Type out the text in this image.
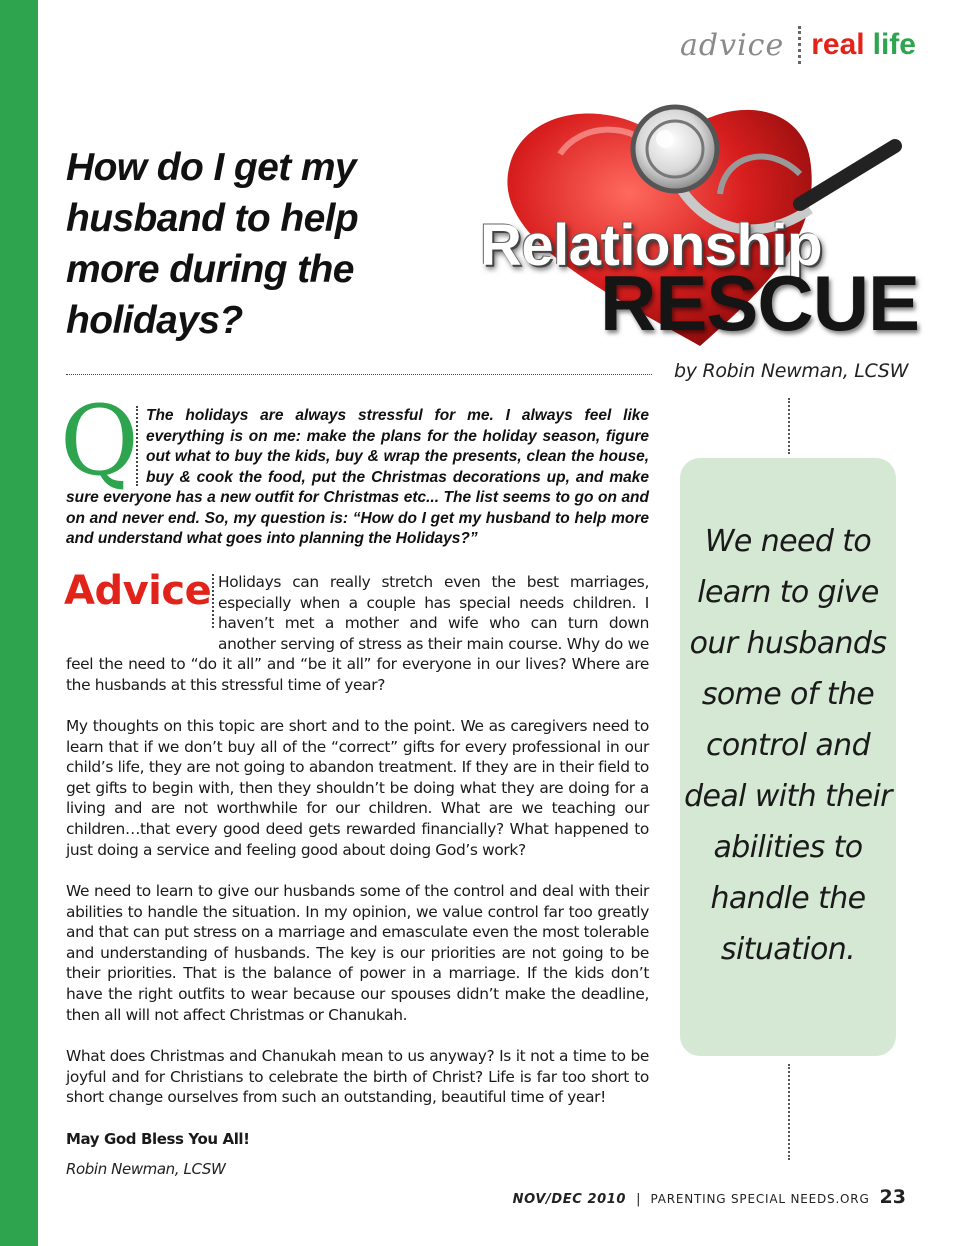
advice real life
How do I get my husband to help more during the holidays?
Relationship
RESCUE
by Robin Newman, LCSW
Q The holidays are always stressful for me. I always feel like everything is on me: make the plans for the holiday season, figure out what to buy the kids, buy & wrap the presents, clean the house, buy & cook the food, put the Christmas decorations up, and make sure everyone has a new outfit for Christmas etc... The list seems to go on and on and never end. So, my question is: “How do I get my husband to help more and understand what goes into planning the Holidays?”

Advice Holidays can really stretch even the best marriages, especially when a couple has special needs children. I haven’t met a mother and wife who can turn down another serving of stress as their main course. Why do we feel the need to “do it all” and “be it all” for everyone in our lives? Where are the husbands at this stressful time of year?

My thoughts on this topic are short and to the point. We as caregivers need to learn that if we don’t buy all of the “correct” gifts for every professional in our child’s life, they are not going to abandon treatment. If they are in their field to get gifts to begin with, then they shouldn’t be doing what they are doing for a living and are not worthwhile for our children. What are we teaching our children…that every good deed gets rewarded financially? What happened to just doing a service and feeling good about doing God’s work?

We need to learn to give our husbands some of the control and deal with their abilities to handle the situation. In my opinion, we value control far too greatly and that can put stress on a marriage and emasculate even the most tolerable and understanding of husbands. The key is our priorities are not going to be their priorities. That is the balance of power in a marriage. If the kids don’t have the right outfits to wear because our spouses didn’t make the deadline, then all will not affect Christmas or Chanukah.

What does Christmas and Chanukah mean to us anyway? Is it not a time to be joyful and for Christians to celebrate the birth of Christ? Life is far too short to short change ourselves from such an outstanding, beautiful time of year!

May God Bless You All!
Robin Newman, LCSW

We need to learn to give our husbands some of the control and deal with their abilities to handle the situation.

NOV/DEC 2010 | PARENTING SPECIAL NEEDS.ORG 23
